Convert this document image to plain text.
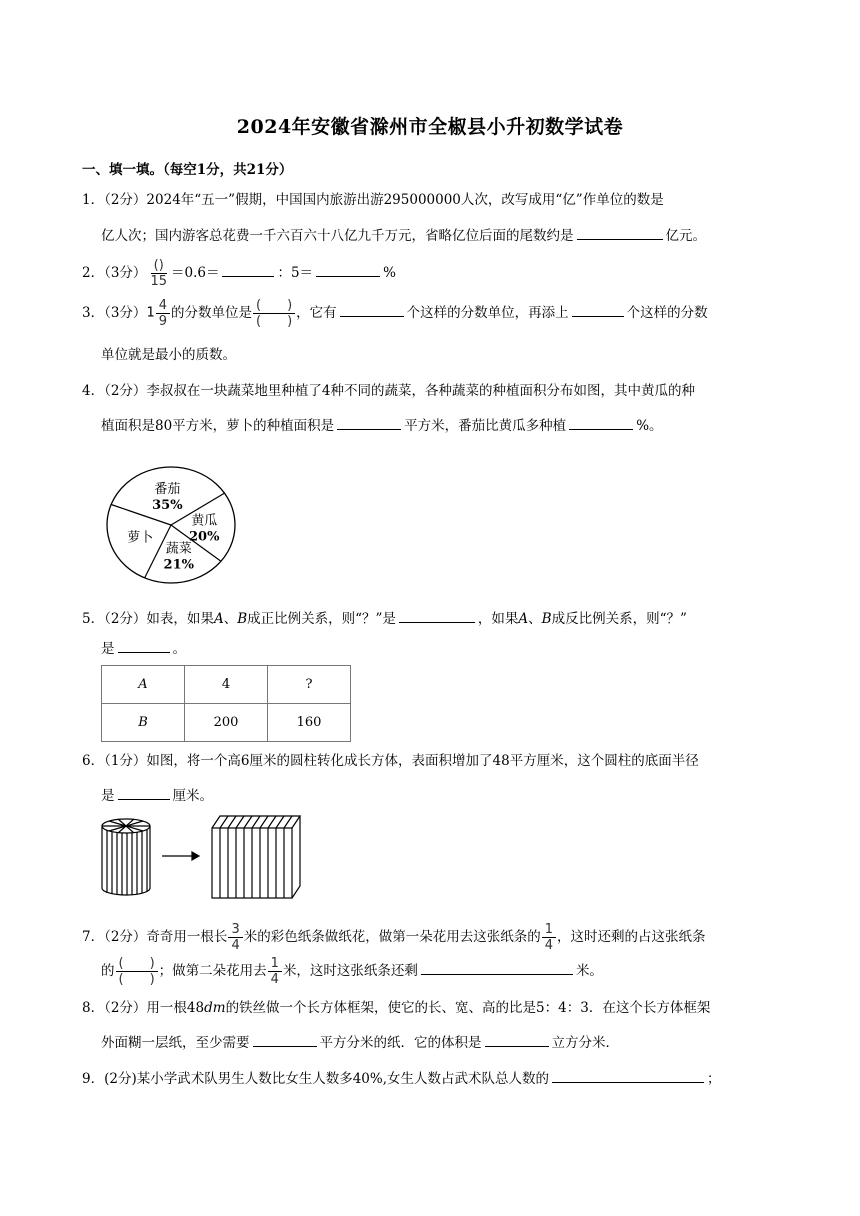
2024年安徽省滁州市全椒县小升初数学试卷
一、填一填。（每空1分，共21分）
1．（2分）2024年“五一”假期，中国国内旅游出游295000000人次，改写成用“亿”作单位的数是
亿人次；国内游客总花费一千六百六十八亿九千万元，省略亿位后面的尾数约是	亿元。
2．（3分） $\frac{()}{15} =0.6=$	：5＝	%
3．（3分）$1 \frac{4}{9}$ 的分数单位是 $\frac{( )}{( )}$ ，它有	个这样的分数单位，再添上	个这样的分数
单位就是最小的质数。
4．（2分）李叔叔在一块蔬菜地里种植了4种不同的蔬菜，各种蔬菜的种植面积分布如图，其中黄瓜的种
植面积是80平方米，萝卜的种植面积是	平方米，番茄比黄瓜多种植	%。
番茄
35%
黄瓜
20%
蔬菜
21%
萝卜
5．（2分）如表，如果A、B成正比例关系，则“？”是	，如果A、B成反比例关系，则“？”
是	。
A	4	?
B	200	160
6．（1分）如图，将一个高6厘米的圆柱转化成长方体，表面积增加了48平方厘米，这个圆柱的底面半径
是	厘米。
7．（2分）奇奇用一根长 $\frac{3}{4}$ 米的彩色纸条做纸花，做第一朵花用去这张纸条的 $\frac{1}{4}$ ，这时还剩的占这张纸条
的 $\frac{( )}{( )}$ ；做第二朵花用去 $\frac{1}{4}$ 米，这时这张纸条还剩	米。
8．（2分）用一根48dm的铁丝做一个长方体框架，使它的长、宽、高的比是5：4：3．在这个长方体框架
外面糊一层纸，至少需要	平方分米的纸．它的体积是	立方分米．
9．(2分)某小学武术队男生人数比女生人数多40%,女生人数占武术队总人数的	；
